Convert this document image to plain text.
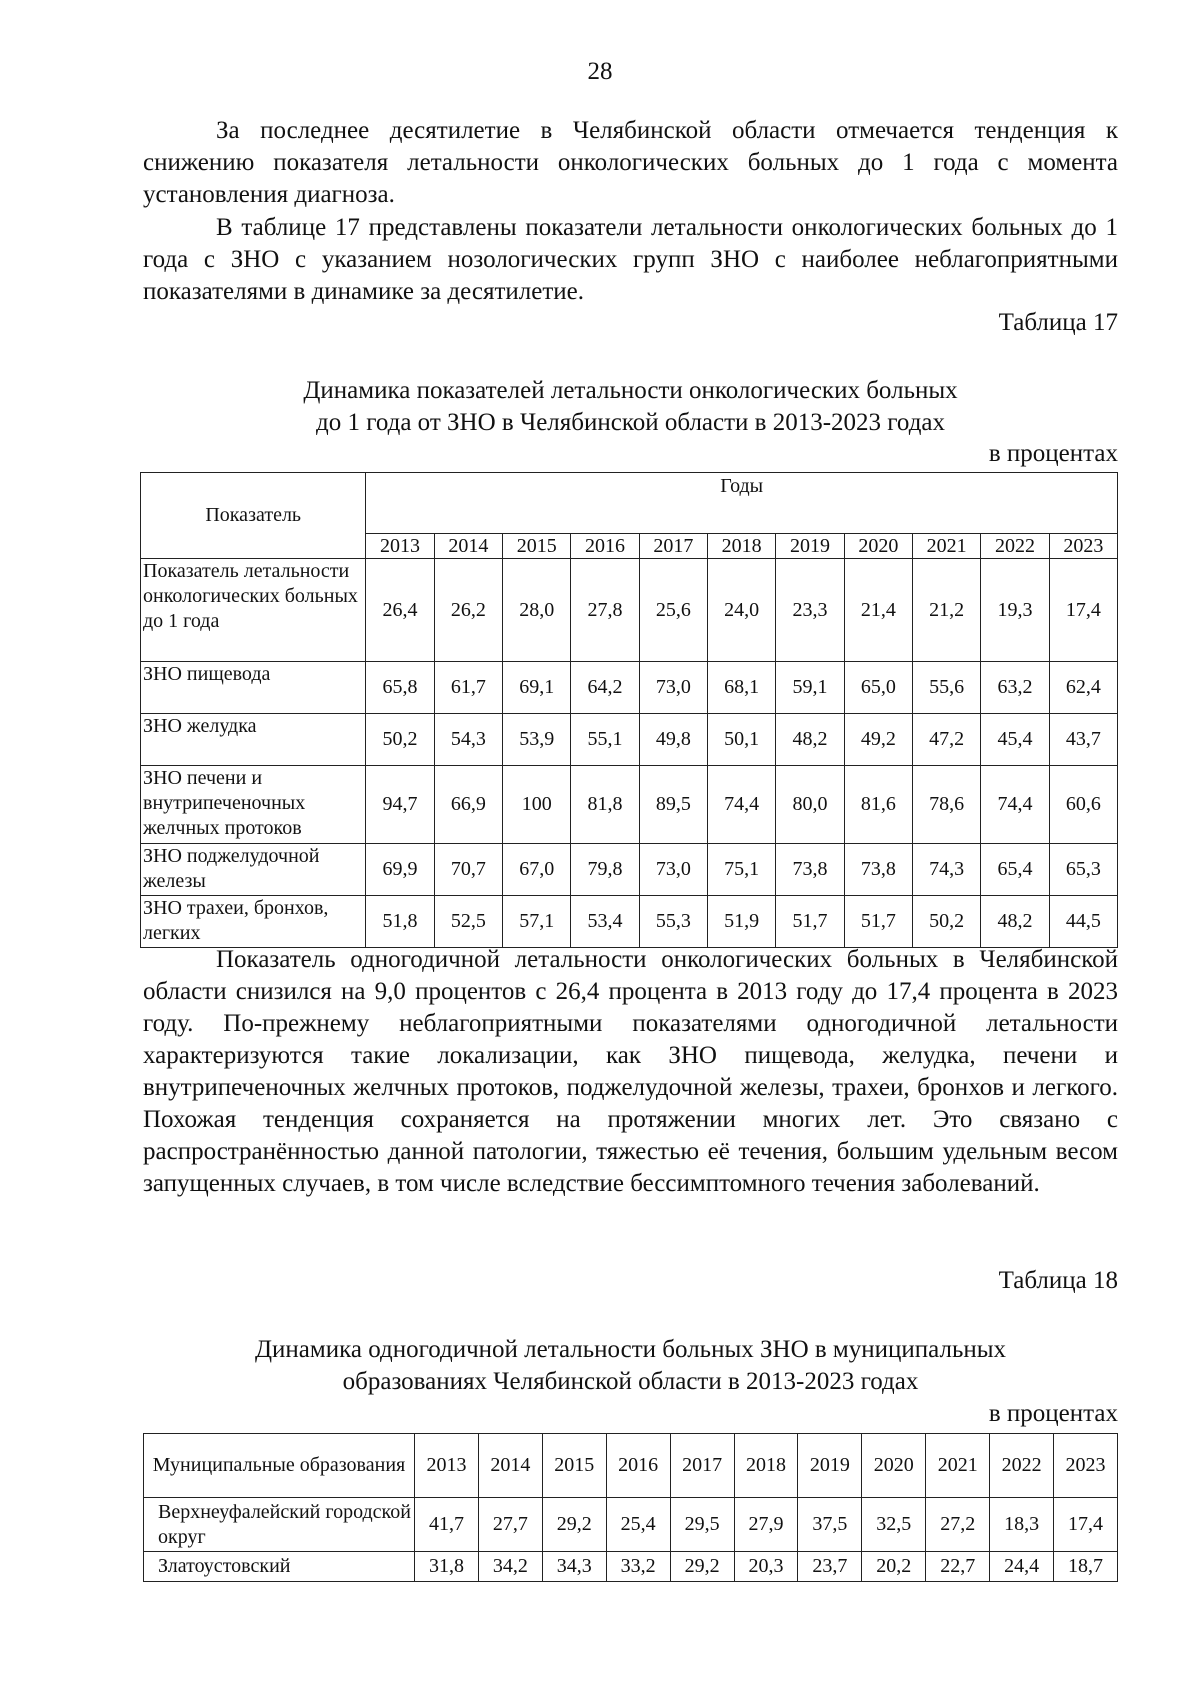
28

За последнее десятилетие в Челябинской области отмечается тенденция к снижению показателя летальности онкологических больных до 1 года с момента установления диагноза.

В таблице 17 представлены показатели летальности онкологических больных до 1 года с ЗНО с указанием нозологических групп ЗНО с наиболее неблагоприятными показателями в динамике за десятилетие.

Таблица 17
Динамика показателей летальности онкологических больных
до 1 года от ЗНО в Челябинской области в 2013-2023 годах
в процентах
Показатель	Годы										
	2013	2014	2015	2016	2017	2018	2019	2020	2021	2022	2023
Показатель летальности онкологических больных до 1 года	26,4	26,2	28,0	27,8	25,6	24,0	23,3	21,4	21,2	19,3	17,4
ЗНО пищевода	65,8	61,7	69,1	64,2	73,0	68,1	59,1	65,0	55,6	63,2	62,4
ЗНО желудка	50,2	54,3	53,9	55,1	49,8	50,1	48,2	49,2	47,2	45,4	43,7
ЗНО печени и внутрипеченочных желчных протоков	94,7	66,9	100	81,8	89,5	74,4	80,0	81,6	78,6	74,4	60,6
ЗНО поджелудочной железы	69,9	70,7	67,0	79,8	73,0	75,1	73,8	73,8	74,3	65,4	65,3
ЗНО трахеи, бронхов, легких	51,8	52,5	57,1	53,4	55,3	51,9	51,7	51,7	50,2	48,2	44,5

Показатель одногодичной летальности онкологических больных в Челябинской области снизился на 9,0 процентов с 26,4 процента в 2013 году до 17,4 процента в 2023 году. По-прежнему неблагоприятными показателями одногодичной летальности характеризуются такие локализации, как ЗНО пищевода, желудка, печени и внутрипеченочных желчных протоков, поджелудочной железы, трахеи, бронхов и легкого. Похожая тенденция сохраняется на протяжении многих лет. Это связано с распространённостью данной патологии, тяжестью её течения, большим удельным весом запущенных случаев, в том числе вследствие бессимптомного течения заболеваний.

Таблица 18
Динамика одногодичной летальности больных ЗНО в муниципальных
образованиях Челябинской области в 2013-2023 годах
в процентах
Муниципальные образования	2013	2014	2015	2016	2017	2018	2019	2020	2021	2022	2023
Верхнеуфалейский городской округ	41,7	27,7	29,2	25,4	29,5	27,9	37,5	32,5	27,2	18,3	17,4
Златоустовский	31,8	34,2	34,3	33,2	29,2	20,3	23,7	20,2	22,7	24,4	18,7
